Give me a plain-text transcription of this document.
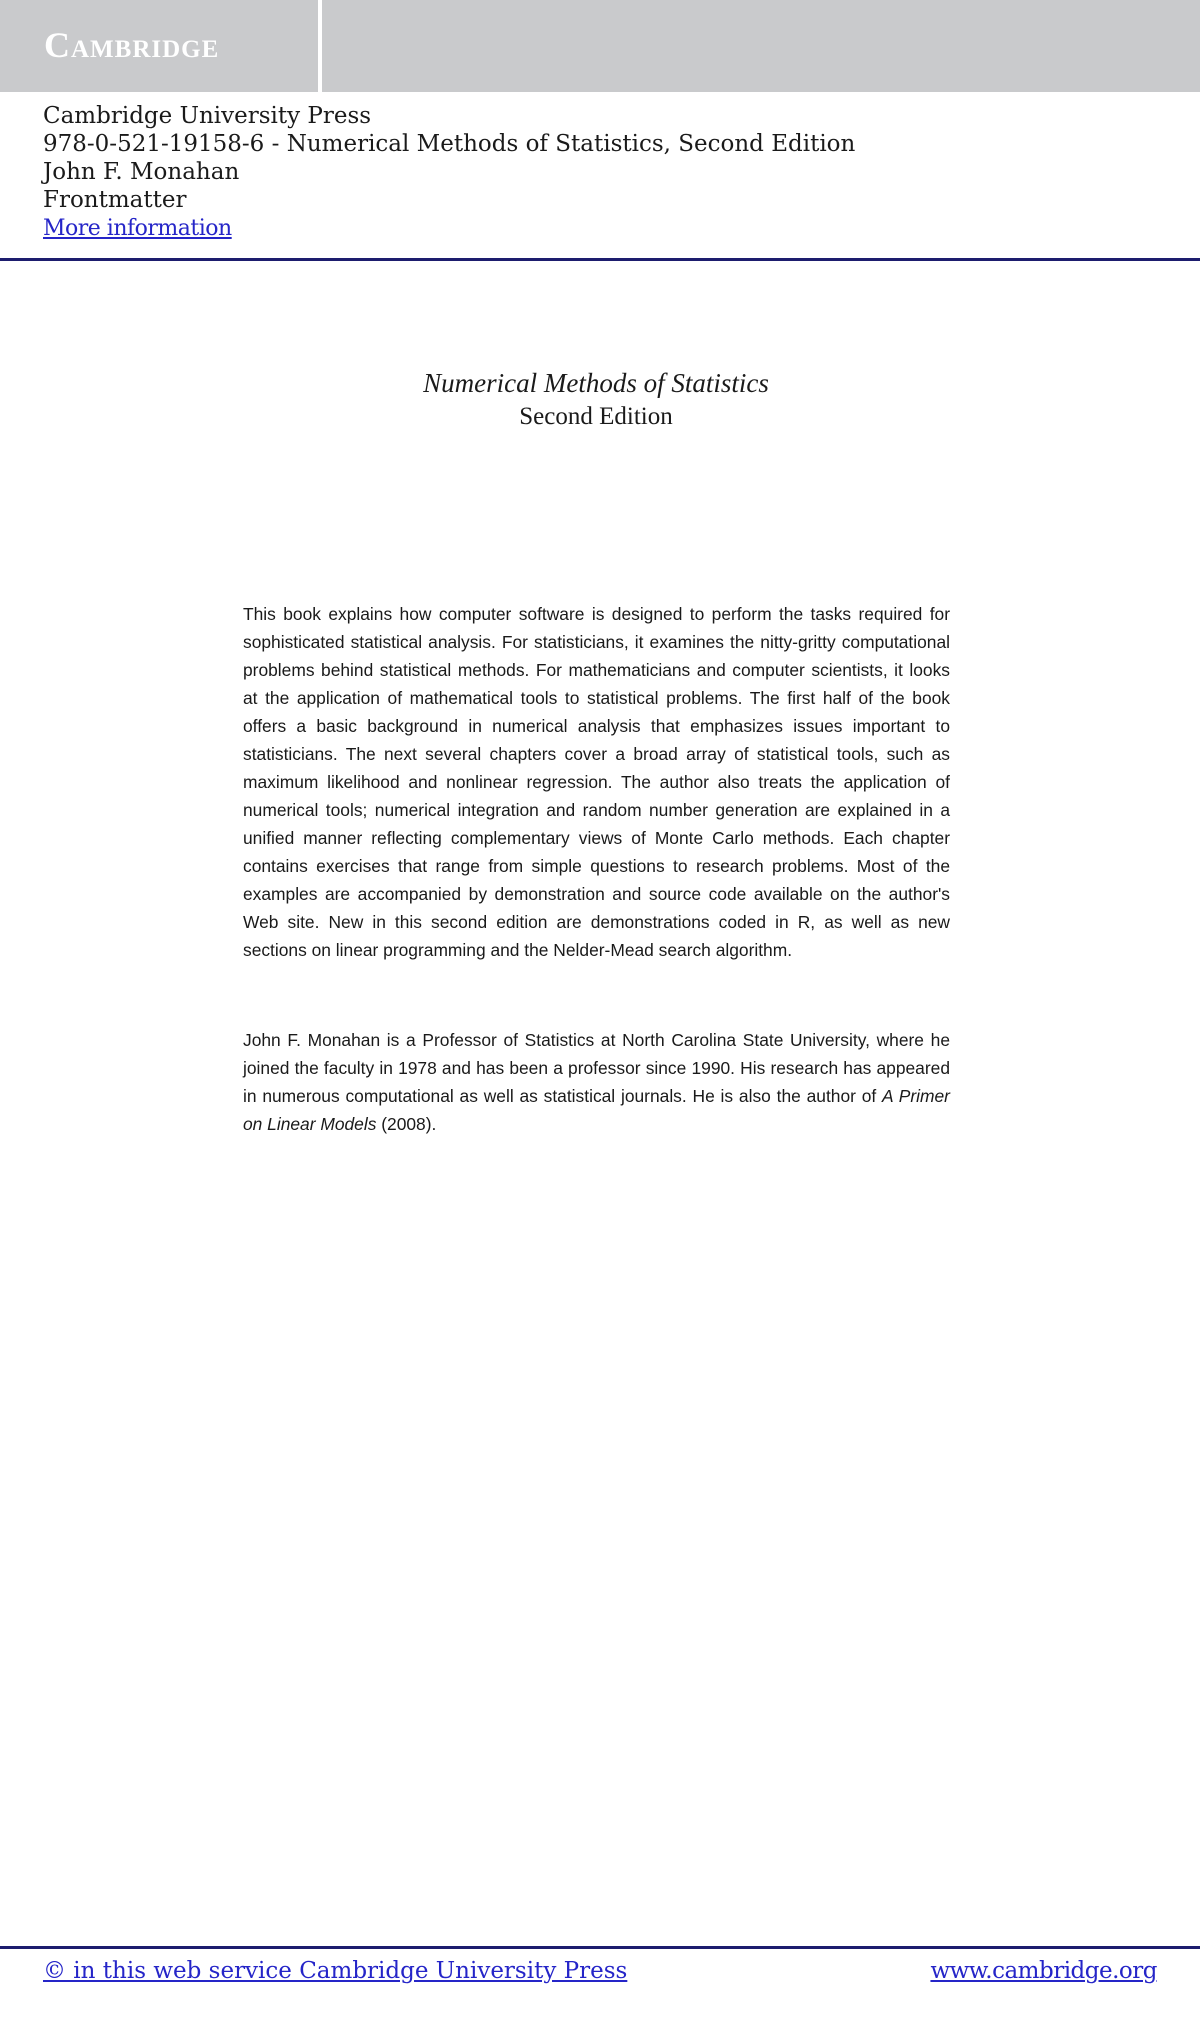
Cambridge
Cambridge University Press
978-0-521-19158-6 - Numerical Methods of Statistics, Second Edition
John F. Monahan
Frontmatter
More information
Numerical Methods of Statistics
Second Edition
This book explains how computer software is designed to perform the tasks required for sophisticated statistical analysis. For statisticians, it examines the nitty-gritty computational problems behind statistical methods. For mathematicians and computer scientists, it looks at the application of mathematical tools to statistical problems. The first half of the book offers a basic background in numerical analysis that emphasizes issues important to statisticians. The next several chapters cover a broad array of statistical tools, such as maximum likelihood and nonlinear regression. The author also treats the application of numerical tools; numerical integration and random number generation are explained in a unified manner reflecting complementary views of Monte Carlo methods. Each chapter contains exercises that range from simple questions to research problems. Most of the examples are accompanied by demonstration and source code available on the author's Web site. New in this second edition are demonstrations coded in R, as well as new sections on linear programming and the Nelder-Mead search algorithm.
John F. Monahan is a Professor of Statistics at North Carolina State University, where he joined the faculty in 1978 and has been a professor since 1990. His research has appeared in numerous computational as well as statistical journals. He is also the author of A Primer on Linear Models (2008).
© in this web service Cambridge University Press	www.cambridge.org
